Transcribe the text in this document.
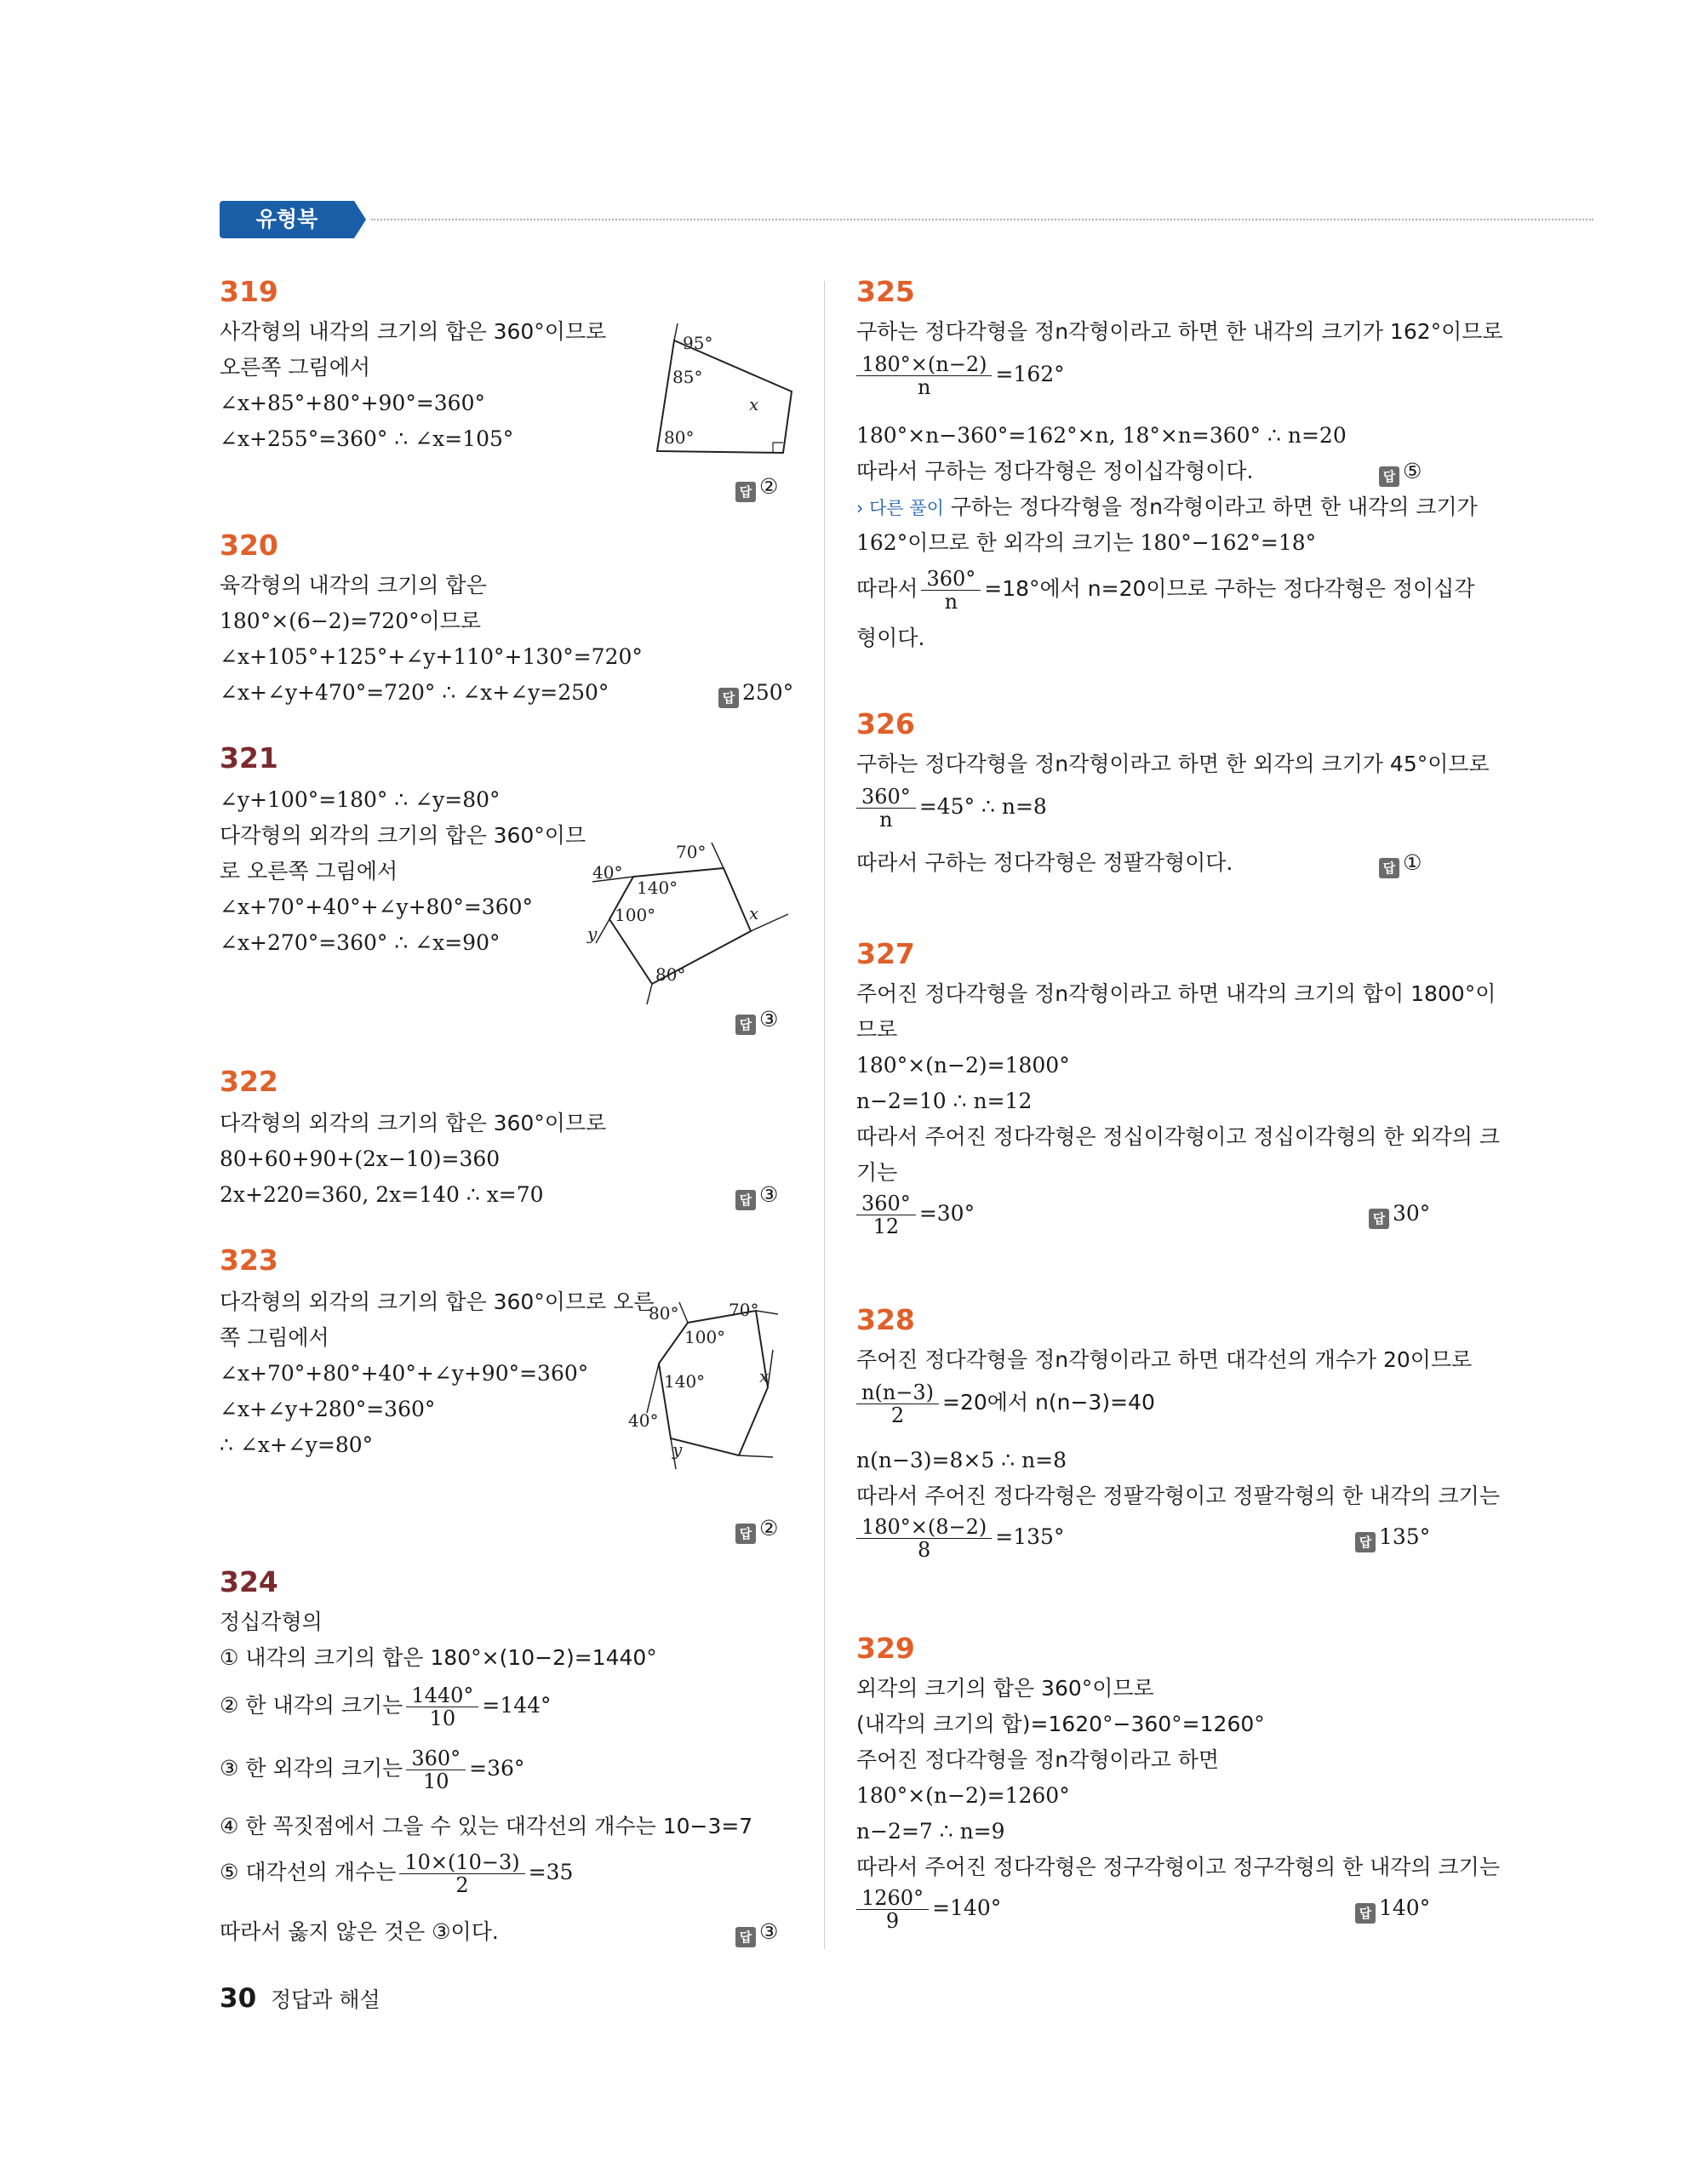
유형북
319
사각형의 내각의 크기의 합은 360°이므로
오른쪽 그림에서
∠x+85°+80°+90°=360°
∠x+255°=360° ∴ ∠x=105°
답 ②
95°
85°
80°
x
320
육각형의 내각의 크기의 합은
180°×(6−2)=720°이므로
∠x+105°+125°+∠y+110°+130°=720°
∠x+∠y+470°=720° ∴ ∠x+∠y=250°	답 250°
321
∠y+100°=180° ∴ ∠y=80°
다각형의 외각의 크기의 합은 360°이므
로 오른쪽 그림에서
∠x+70°+40°+∠y+80°=360°
∠x+270°=360° ∴ ∠x=90°
답 ③
70°
40°
140°
100°
80°
x
y
322
다각형의 외각의 크기의 합은 360°이므로
80+60+90+(2x−10)=360
2x+220=360, 2x=140 ∴ x=70	답 ③
323
다각형의 외각의 크기의 합은 360°이므로 오른
쪽 그림에서
∠x+70°+80°+40°+∠y+90°=360°
∠x+∠y+280°=360°
∴ ∠x+∠y=80°
답 ②
80°
100°
70°
140°
40°
x
y
324
정십각형의
① 내각의 크기의 합은 180°×(10−2)=1440°
② 한 내각의 크기는 $\frac{1440^\circ}{10} =144^\circ$
③ 한 외각의 크기는 $\frac{360^\circ}{10} =36^\circ$
④ 한 꼭짓점에서 그을 수 있는 대각선의 개수는 10−3=7
⑤ 대각선의 개수는 $\frac{10\times(10-3)}{2} =35$
따라서 옳지 않은 것은 ③이다.	답 ③
325
구하는 정다각형을 정n각형이라고 하면 한 내각의 크기가 162°이므로
$\frac{180^\circ\times(n-2)}{n} =162^\circ$
180°×n−360°=162°×n, 18°×n=360° ∴ n=20
따라서 구하는 정다각형은 정이십각형이다.	답 ⑤
› 다른 풀이 구하는 정다각형을 정n각형이라고 하면 한 내각의 크기가
162°이므로 한 외각의 크기는 180°−162°=18°
따라서 $\frac{360^\circ}{n} =18^\circ$에서 n=20이므로 구하는 정다각형은 정이십각
형이다.
326
구하는 정다각형을 정n각형이라고 하면 한 외각의 크기가 45°이므로
$\frac{360^\circ}{n} =45^\circ$ ∴ n=8
따라서 구하는 정다각형은 정팔각형이다.	답 ①
327
주어진 정다각형을 정n각형이라고 하면 내각의 크기의 합이 1800°이
므로
180°×(n−2)=1800°
n−2=10 ∴ n=12
따라서 주어진 정다각형은 정십이각형이고 정십이각형의 한 외각의 크
기는
$\frac{360^\circ}{12} =30^\circ$	답 30°
328
주어진 정다각형을 정n각형이라고 하면 대각선의 개수가 20이므로
$\frac{n(n-3)}{2} =20$에서 n(n−3)=40
n(n−3)=8×5 ∴ n=8
따라서 주어진 정다각형은 정팔각형이고 정팔각형의 한 내각의 크기는
$\frac{180^\circ\times(8-2)}{8} =135^\circ$	답 135°
329
외각의 크기의 합은 360°이므로
(내각의 크기의 합)=1620°−360°=1260°
주어진 정다각형을 정n각형이라고 하면
180°×(n−2)=1260°
n−2=7 ∴ n=9
따라서 주어진 정다각형은 정구각형이고 정구각형의 한 내각의 크기는
$\frac{1260^\circ}{9} =140^\circ$	답 140°
30 정답과 해설
